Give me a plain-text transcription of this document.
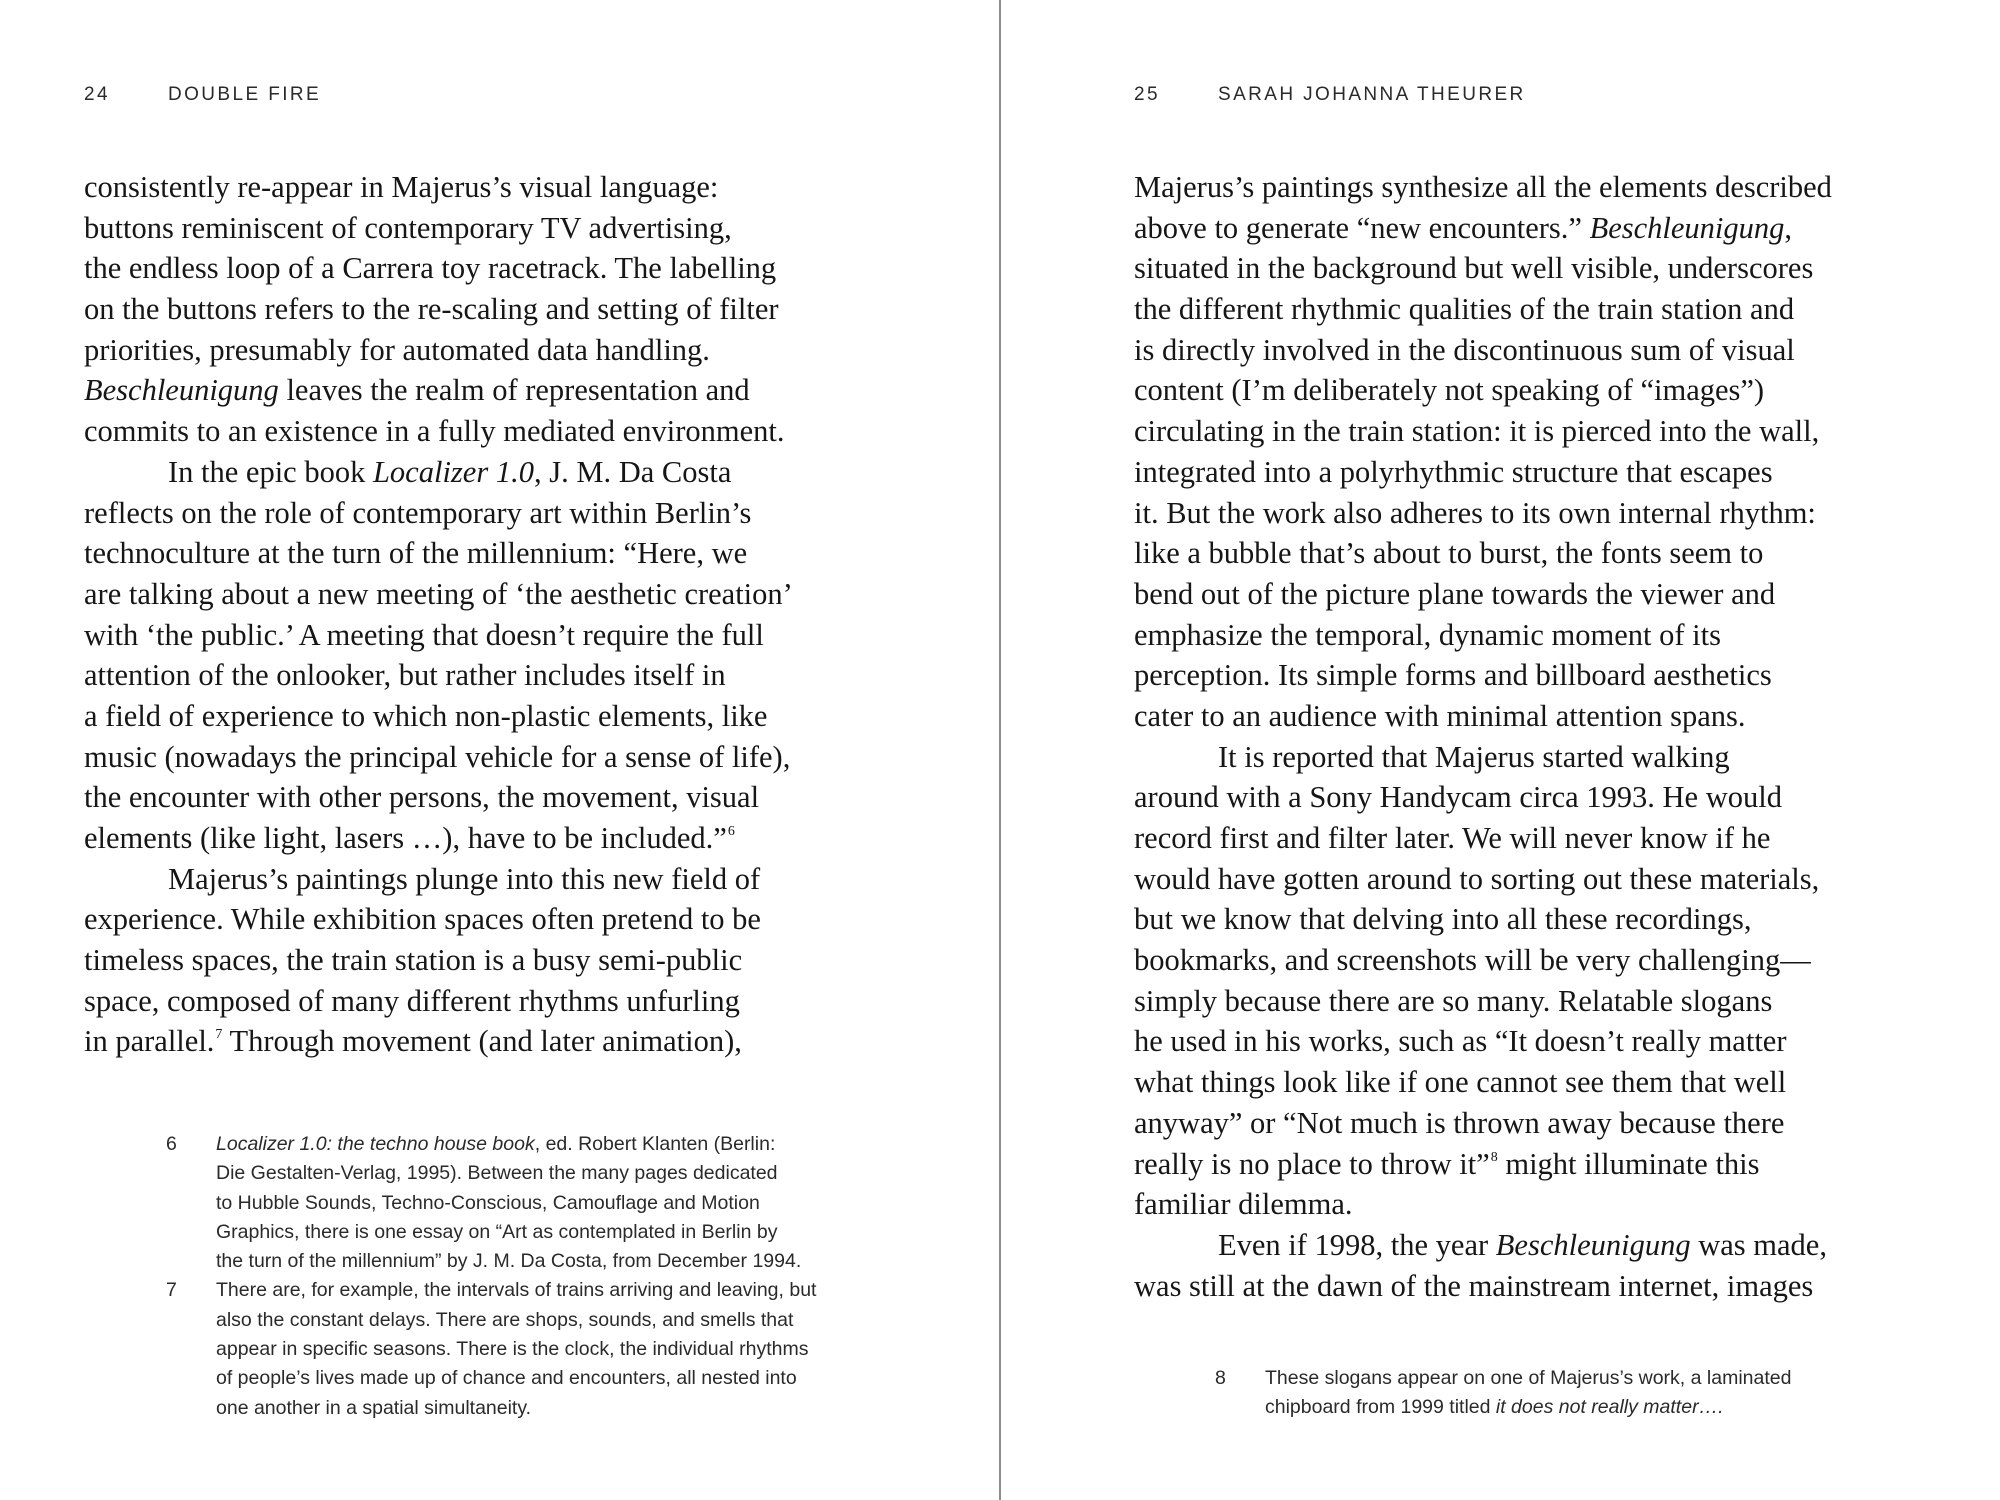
24	DOUBLE FIRE
consistently re-appear in Majerus’s visual language:
buttons reminiscent of contemporary TV advertising,
the endless loop of a Carrera toy racetrack. The labelling
on the buttons refers to the re-scaling and setting of filter
priorities, presumably for automated data handling.
Beschleunigung leaves the realm of representation and
commits to an existence in a fully mediated environment.
In the epic book Localizer 1.0, J. M. Da Costa
reflects on the role of contemporary art within Berlin’s
technoculture at the turn of the millennium: “Here, we
are talking about a new meeting of ‘the aesthetic creation’
with ‘the public.’ A meeting that doesn’t require the full
attention of the onlooker, but rather includes itself in
a field of experience to which non-plastic elements, like
music (nowadays the principal vehicle for a sense of life),
the encounter with other persons, the movement, visual
elements (like light, lasers …), have to be included.”$^6$
Majerus’s paintings plunge into this new field of
experience. While exhibition spaces often pretend to be
timeless spaces, the train station is a busy semi-public
space, composed of many different rhythms unfurling
in parallel.$^7$ Through movement (and later animation),
6 Localizer 1.0: the techno house book, ed. Robert Klanten (Berlin:
Die Gestalten-Verlag, 1995). Between the many pages dedicated
to Hubble Sounds, Techno-Conscious, Camouflage and Motion
Graphics, there is one essay on “Art as contemplated in Berlin by
the turn of the millennium” by J. M. Da Costa, from December 1994.
7 There are, for example, the intervals of trains arriving and leaving, but
also the constant delays. There are shops, sounds, and smells that
appear in specific seasons. There is the clock, the individual rhythms
of people’s lives made up of chance and encounters, all nested into
one another in a spatial simultaneity.
25	SARAH JOHANNA THEURER
Majerus’s paintings synthesize all the elements described
above to generate “new encounters.” Beschleunigung,
situated in the background but well visible, underscores
the different rhythmic qualities of the train station and
is directly involved in the discontinuous sum of visual
content (I’m deliberately not speaking of “images”)
circulating in the train station: it is pierced into the wall,
integrated into a polyrhythmic structure that escapes
it. But the work also adheres to its own internal rhythm:
like a bubble that’s about to burst, the fonts seem to
bend out of the picture plane towards the viewer and
emphasize the temporal, dynamic moment of its
perception. Its simple forms and billboard aesthetics
cater to an audience with minimal attention spans.
It is reported that Majerus started walking
around with a Sony Handycam circa 1993. He would
record first and filter later. We will never know if he
would have gotten around to sorting out these materials,
but we know that delving into all these recordings,
bookmarks, and screenshots will be very challenging—
simply because there are so many. Relatable slogans
he used in his works, such as “It doesn’t really matter
what things look like if one cannot see them that well
anyway” or “Not much is thrown away because there
really is no place to throw it”$^8$ might illuminate this
familiar dilemma.
Even if 1998, the year Beschleunigung was made,
was still at the dawn of the mainstream internet, images
8 These slogans appear on one of Majerus’s work, a laminated
chipboard from 1999 titled it does not really matter….
